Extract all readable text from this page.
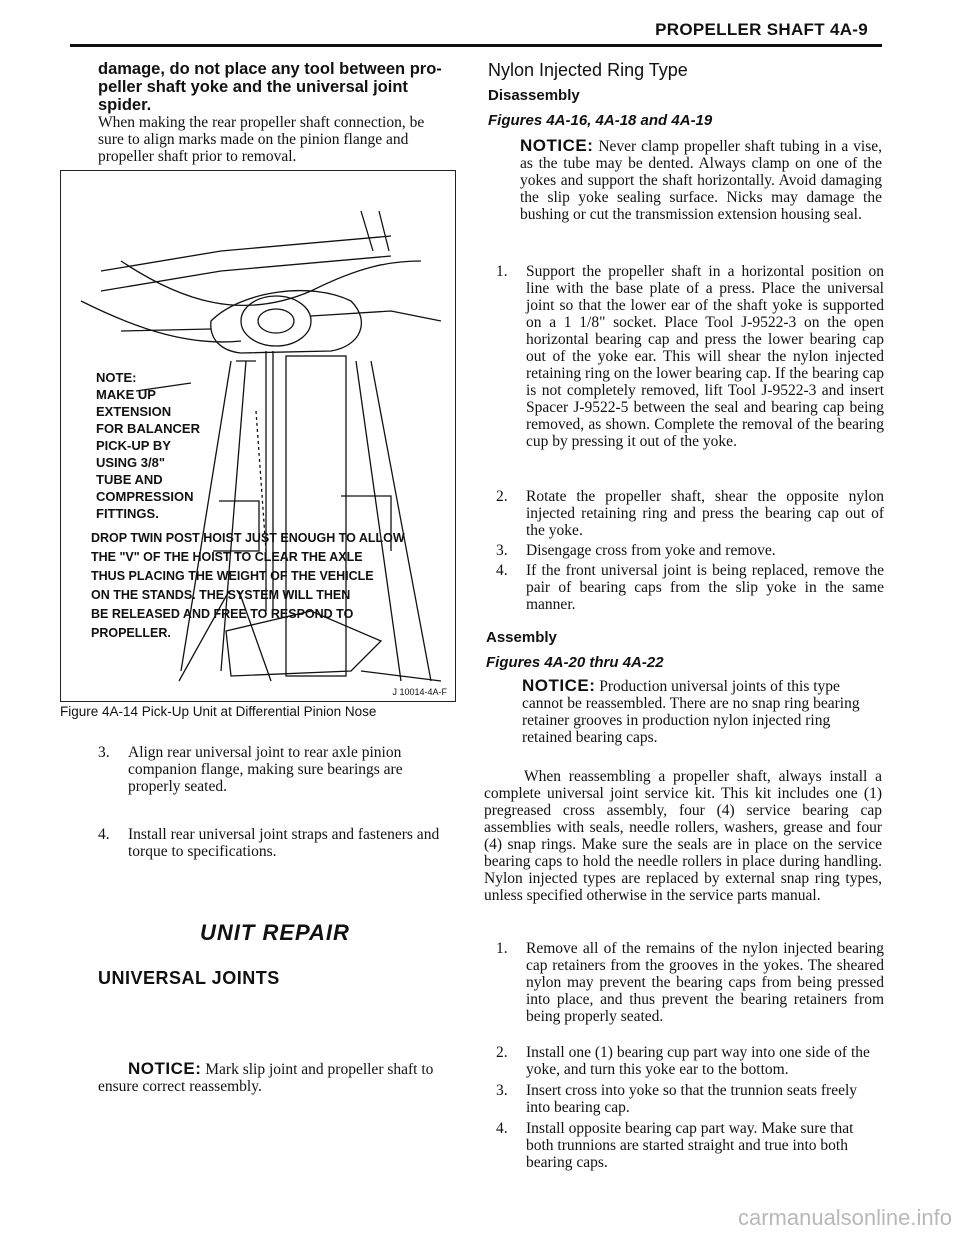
PROPELLER SHAFT 4A-9

damage, do not place any tool between pro-peller shaft yoke and the universal joint spider.

When making the rear propeller shaft connection, be sure to align marks made on the pinion flange and propeller shaft prior to removal.

NOTE:
MAKE UP
EXTENSION
FOR BALANCER
PICK-UP BY
USING 3/8"
TUBE AND
COMPRESSION
FITTINGS.
DROP TWIN POST HOIST JUST ENOUGH TO ALLOW
THE "V" OF THE HOIST TO CLEAR THE AXLE
THUS PLACING THE WEIGHT OF THE VEHICLE
ON THE STANDS. THE SYSTEM WILL THEN
BE RELEASED AND FREE TO RESPOND TO
PROPELLER.
J 10014-4A-F
Figure 4A-14 Pick-Up Unit at Differential Pinion Nose
3. Align rear universal joint to rear axle pinion companion flange, making sure bearings are properly seated.
4. Install rear universal joint straps and fasteners and torque to specifications.
UNIT REPAIR
UNIVERSAL JOINTS
NOTICE: Mark slip joint and propeller shaft to ensure correct reassembly.
Nylon Injected Ring Type
Disassembly
Figures 4A-16, 4A-18 and 4A-19
NOTICE: Never clamp propeller shaft tubing in a vise, as the tube may be dented. Always clamp on one of the yokes and support the shaft horizontally. Avoid damaging the slip yoke sealing surface. Nicks may damage the bushing or cut the transmission extension housing seal.
1. Support the propeller shaft in a horizontal position on line with the base plate of a press. Place the universal joint so that the lower ear of the shaft yoke is supported on a 1 1/8" socket. Place Tool J-9522-3 on the open horizontal bearing cap and press the lower bearing cap out of the yoke ear. This will shear the nylon injected retaining ring on the lower bearing cap. If the bearing cap is not completely removed, lift Tool J-9522-3 and insert Spacer J-9522-5 between the seal and bearing cap being removed, as shown. Complete the removal of the bearing cup by pressing it out of the yoke.
2. Rotate the propeller shaft, shear the opposite nylon injected retaining ring and press the bearing cap out of the yoke.
3. Disengage cross from yoke and remove.
4. If the front universal joint is being replaced, remove the pair of bearing caps from the slip yoke in the same manner.
Assembly
Figures 4A-20 thru 4A-22
NOTICE: Production universal joints of this type cannot be reassembled. There are no snap ring bearing retainer grooves in production nylon injected ring retained bearing caps.

When reassembling a propeller shaft, always install a complete universal joint service kit. This kit includes one (1) pregreased cross assembly, four (4) service bearing cap assemblies with seals, needle rollers, washers, grease and four (4) snap rings. Make sure the seals are in place on the service bearing caps to hold the needle rollers in place during handling. Nylon injected types are replaced by external snap ring types, unless specified otherwise in the service parts manual.

1. Remove all of the remains of the nylon injected bearing cap retainers from the grooves in the yokes. The sheared nylon may prevent the bearing caps from being pressed into place, and thus prevent the bearing retainers from being properly seated.
2. Install one (1) bearing cup part way into one side of the yoke, and turn this yoke ear to the bottom.
3. Insert cross into yoke so that the trunnion seats freely into bearing cap.
4. Install opposite bearing cap part way. Make sure that both trunnions are started straight and true into both bearing caps.
carmanualsonline.info
